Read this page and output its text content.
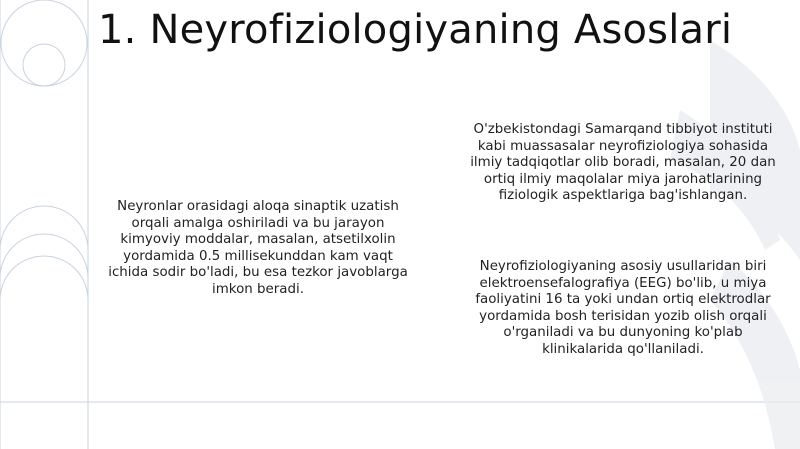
1. Neyrofiziologiyaning Asoslari
Neyronlar orasidagi aloqa sinaptik uzatish orqali amalga oshiriladi va bu jarayon kimyoviy moddalar, masalan, atsetilxolin yordamida 0.5 millisekunddan kam vaqt ichida sodir bo'ladi, bu esa tezkor javoblarga imkon beradi.
O'zbekistondagi Samarqand tibbiyot instituti kabi muassasalar neyrofiziologiya sohasida ilmiy tadqiqotlar olib boradi, masalan, 20 dan ortiq ilmiy maqolalar miya jarohatlarining fiziologik aspektlariga bag'ishlangan.
Neyrofiziologiyaning asosiy usullaridan biri elektroensefalografiya (EEG) bo'lib, u miya faoliyatini 16 ta yoki undan ortiq elektrodlar yordamida bosh terisidan yozib olish orqali o'rganiladi va bu dunyoning ko'plab klinikalarida qo'llaniladi.
